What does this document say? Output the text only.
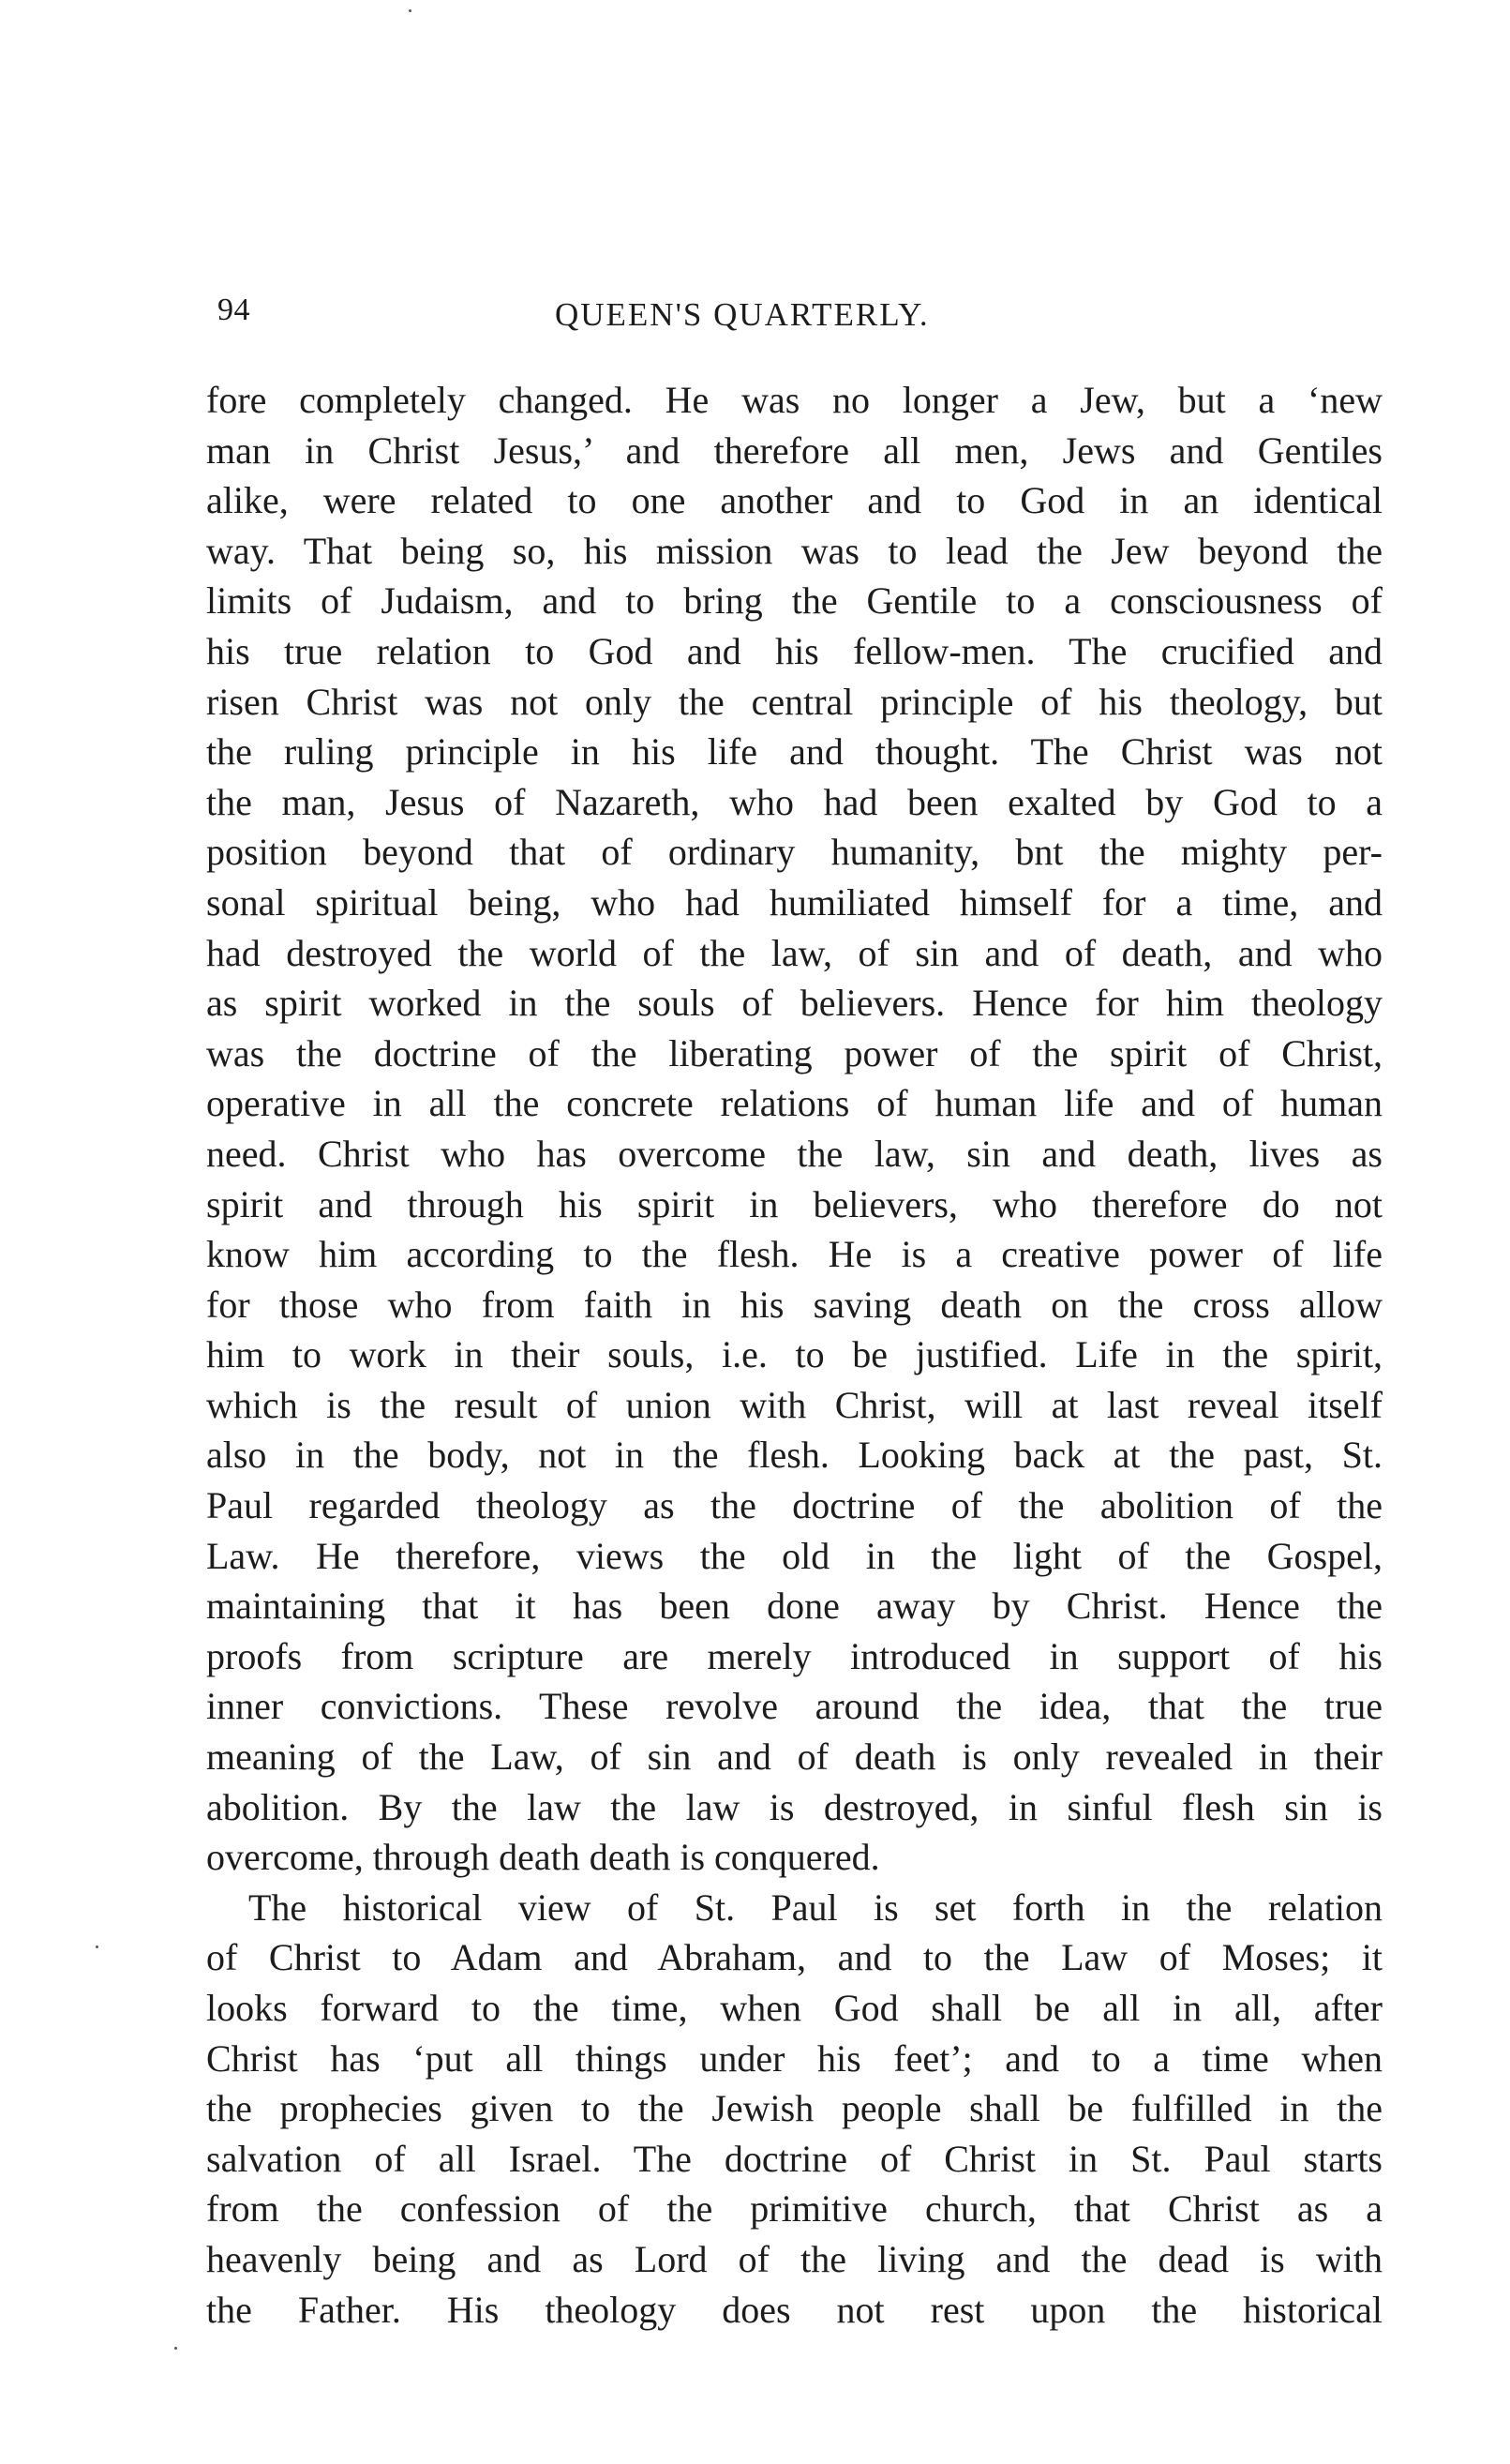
94	QUEEN'S QUARTERLY.
fore completely changed. He was no longer a Jew, but a ‘new
man in Christ Jesus,’ and therefore all men, Jews and Gentiles
alike, were related to one another and to God in an identical
way. That being so, his mission was to lead the Jew beyond the
limits of Judaism, and to bring the Gentile to a consciousness of
his true relation to God and his fellow-men. The crucified and
risen Christ was not only the central principle of his theology, but
the ruling principle in his life and thought. The Christ was not
the man, Jesus of Nazareth, who had been exalted by God to a
position beyond that of ordinary humanity, bnt the mighty per-
sonal spiritual being, who had humiliated himself for a time, and
had destroyed the world of the law, of sin and of death, and who
as spirit worked in the souls of believers. Hence for him theology
was the doctrine of the liberating power of the spirit of Christ,
operative in all the concrete relations of human life and of human
need. Christ who has overcome the law, sin and death, lives as
spirit and through his spirit in believers, who therefore do not
know him according to the flesh. He is a creative power of life
for those who from faith in his saving death on the cross allow
him to work in their souls, i.e. to be justified. Life in the spirit,
which is the result of union with Christ, will at last reveal itself
also in the body, not in the flesh. Looking back at the past, St.
Paul regarded theology as the doctrine of the abolition of the
Law. He therefore, views the old in the light of the Gospel,
maintaining that it has been done away by Christ. Hence the
proofs from scripture are merely introduced in support of his
inner convictions. These revolve around the idea, that the true
meaning of the Law, of sin and of death is only revealed in their
abolition. By the law the law is destroyed, in sinful flesh sin is
overcome, through death death is conquered.
The historical view of St. Paul is set forth in the relation
of Christ to Adam and Abraham, and to the Law of Moses; it
looks forward to the time, when God shall be all in all, after
Christ has ‘put all things under his feet’; and to a time when
the prophecies given to the Jewish people shall be fulfilled in the
salvation of all Israel. The doctrine of Christ in St. Paul starts
from the confession of the primitive church, that Christ as a
heavenly being and as Lord of the living and the dead is with
the Father. His theology does not rest upon the historical
